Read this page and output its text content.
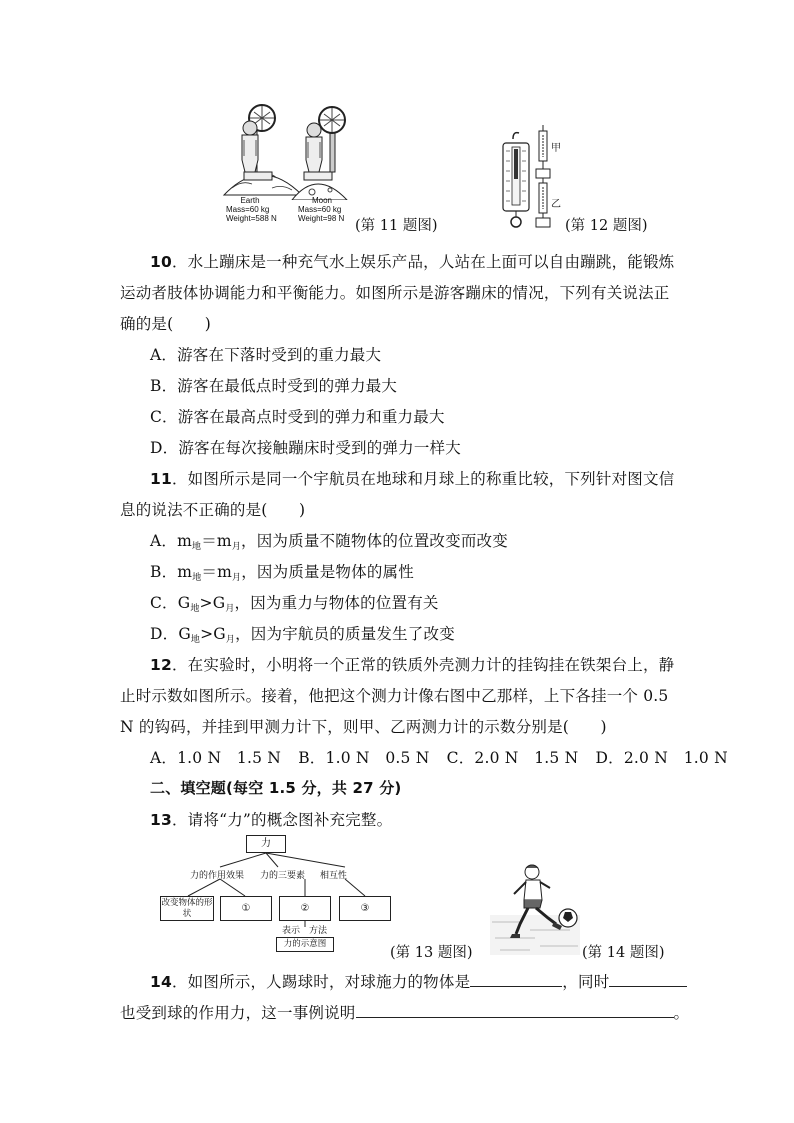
Earth
Mass=60 kg
Weight=588 N
Moon
Mass=60 kg
Weight=98 N (第 11 题图)
甲
乙
(第 12 题图)
10．水上蹦床是一种充气水上娱乐产品，人站在上面可以自由蹦跳，能锻炼
运动者肢体协调能力和平衡能力。如图所示是游客蹦床的情况，下列有关说法正
确的是(　　)
A．游客在下落时受到的重力最大
B．游客在最低点时受到的弹力最大
C．游客在最高点时受到的弹力和重力最大
D．游客在每次接触蹦床时受到的弹力一样大
11．如图所示是同一个宇航员在地球和月球上的称重比较，下列针对图文信
息的说法不正确的是(　　)
A．m地＝m月，因为质量不随物体的位置改变而改变
B．m地＝m月，因为质量是物体的属性
C．G地>G月，因为重力与物体的位置有关
D．G地>G月，因为宇航员的质量发生了改变
12．在实验时，小明将一个正常的铁质外壳测力计的挂钩挂在铁架台上，静
止时示数如图所示。接着，他把这个测力计像右图中乙那样，上下各挂一个 0.5
N 的钩码，并挂到甲测力计下，则甲、乙两测力计的示数分别是(　　)
A．1.0 N　1.5 N B．1.0 N　0.5 N C．2.0 N　1.5 N D．2.0 N　1.0 N
二、填空题(每空 1.5 分，共 27 分)
13．请将“力”的概念图补充完整。
力
力的作用效果 力的三要素 相互性
改变物体的形状	①	②	③
表示 方法
力的示意图
(第 13 题图)	(第 14 题图)
14．如图所示，人踢球时，对球施力的物体是	，同时
也受到球的作用力，这一事例说明	。
